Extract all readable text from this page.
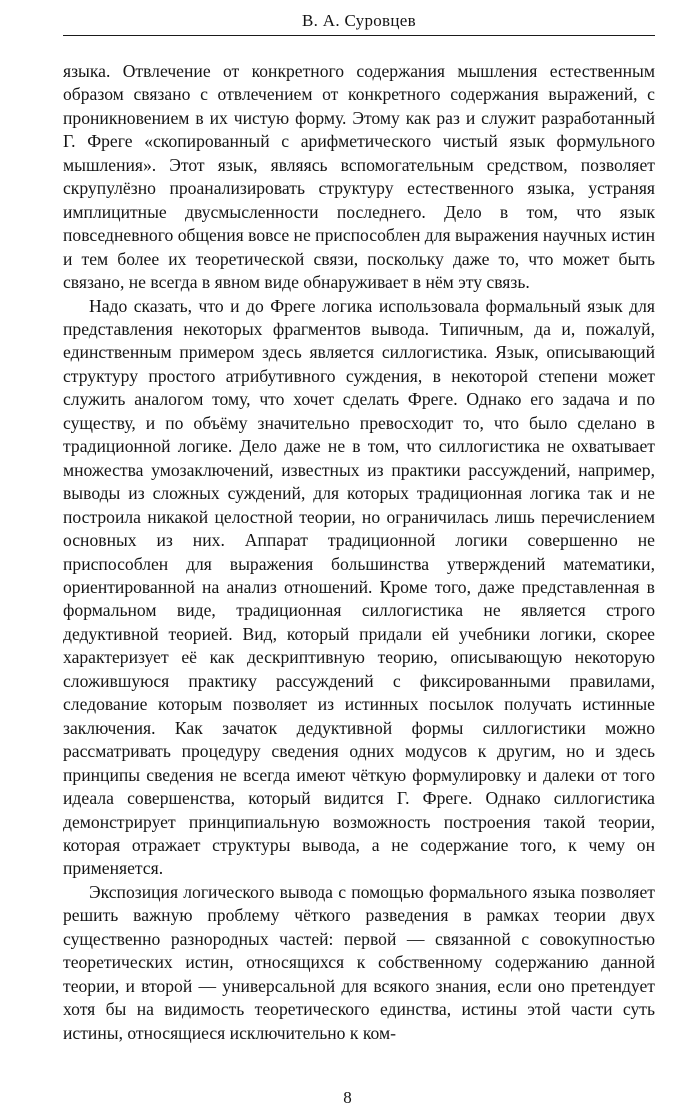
В. А. Суровцев

языка. Отвлечение от конкретного содержания мышления естественным образом связано с отвлечением от конкретного содержания выражений, с проникновением в их чистую форму. Этому как раз и служит разработанный Г. Фреге «скопированный с арифметического чистый язык формульного мышления». Этот язык, являясь вспомогательным средством, позволяет скрупулёзно проанализировать структуру естественного языка, устраняя имплицитные двусмысленности последнего. Дело в том, что язык повседневного общения вовсе не приспособлен для выражения научных истин и тем более их теоретической связи, поскольку даже то, что может быть связано, не всегда в явном виде обнаруживает в нём эту связь.

Надо сказать, что и до Фреге логика использовала формальный язык для представления некоторых фрагментов вывода. Типичным, да и, пожалуй, единственным примером здесь является силлогистика. Язык, описывающий структуру простого атрибутивного суждения, в некоторой степени может служить аналогом тому, что хочет сделать Фреге. Однако его задача и по существу, и по объёму значительно превосходит то, что было сделано в традиционной логике. Дело даже не в том, что силлогистика не охватывает множества умозаключений, известных из практики рассуждений, например, выводы из сложных суждений, для которых традиционная логика так и не построила никакой целостной теории, но ограничилась лишь перечислением основных из них. Аппарат традиционной логики совершенно не приспособлен для выражения большинства утверждений математики, ориентированной на анализ отношений. Кроме того, даже представленная в формальном виде, традиционная силлогистика не является строго дедуктивной теорией. Вид, который придали ей учебники логики, скорее характеризует её как дескриптивную теорию, описывающую некоторую сложившуюся практику рассуждений с фиксированными правилами, следование которым позволяет из истинных посылок получать истинные заключения. Как зачаток дедуктивной формы силлогистики можно рассматривать процедуру сведения одних модусов к другим, но и здесь принципы сведения не всегда имеют чёткую формулировку и далеки от того идеала совершенства, который видится Г. Фреге. Однако силлогистика демонстрирует принципиальную возможность построения такой теории, которая отражает структуры вывода, а не содержание того, к чему он применяется.

Экспозиция логического вывода с помощью формального языка позволяет решить важную проблему чёткого разведения в рамках теории двух существенно разнородных частей: первой — связанной с совокупностью теоретических истин, относящихся к собственному содержанию данной теории, и второй — универсальной для всякого знания, если оно претендует хотя бы на видимость теоретического единства, истины этой части суть истины, относящиеся исключительно к ком-

8
